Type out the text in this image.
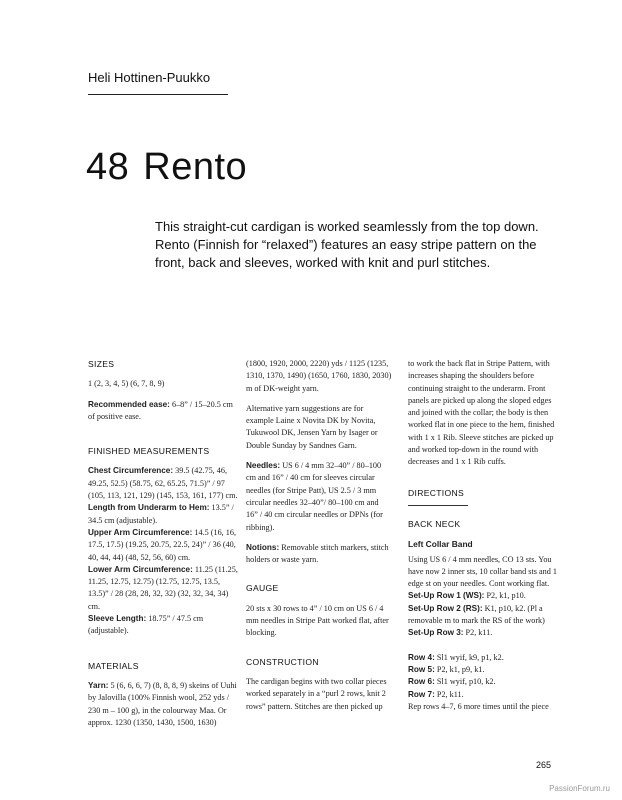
Heli Hottinen-Puukko
48 Rento
This straight-cut cardigan is worked seamlessly from the top down. Rento (Finnish for “relaxed”) features an easy stripe pattern on the front, back and sleeves, worked with knit and purl stitches.
SIZES
1 (2, 3, 4, 5) (6, 7, 8, 9)
Recommended ease: 6–8” / 15–20.5 cm of positive ease.
FINISHED MEASUREMENTS
Chest Circumference: 39.5 (42.75, 46, 49.25, 52.5) (58.75, 62, 65.25, 71.5)” / 97 (105, 113, 121, 129) (145, 153, 161, 177) cm.
Length from Underarm to Hem: 13.5” / 34.5 cm (adjustable).
Upper Arm Circumference: 14.5 (16, 16, 17.5, 17.5) (19.25, 20.75, 22.5, 24)” / 36 (40, 40, 44, 44) (48, 52, 56, 60) cm.
Lower Arm Circumference: 11.25 (11.25, 11.25, 12.75, 12.75) (12.75, 12.75, 13.5, 13.5)” / 28 (28, 28, 32, 32) (32, 32, 34, 34) cm.
Sleeve Length: 18.75” / 47.5 cm (adjustable).
MATERIALS
Yarn: 5 (6, 6, 6, 7) (8, 8, 8, 9) skeins of Uuhi by Jalovilla (100% Finnish wool, 252 yds / 230 m – 100 g), in the colourway Maa. Or approx. 1230 (1350, 1430, 1500, 1630)
(1800, 1920, 2000, 2220) yds / 1125 (1235, 1310, 1370, 1490) (1650, 1760, 1830, 2030) m of DK-weight yarn.
Alternative yarn suggestions are for example Laine x Novita DK by Novita, Tukuwool DK, Jensen Yarn by Isager or Double Sunday by Sandnes Garn.
Needles: US 6 / 4 mm 32–40” / 80–100 cm and 16” / 40 cm for sleeves circular needles (for Stripe Patt), US 2.5 / 3 mm circular needles 32–40”/ 80–100 cm and 16” / 40 cm circular needles or DPNs (for ribbing).
Notions: Removable stitch markers, stitch holders or waste yarn.
GAUGE
20 sts x 30 rows to 4” / 10 cm on US 6 / 4 mm needles in Stripe Patt worked flat, after blocking.
CONSTRUCTION
The cardigan begins with two collar pieces worked separately in a “purl 2 rows, knit 2 rows” pattern. Stitches are then picked up
to work the back flat in Stripe Pattern, with increases shaping the shoulders before continuing straight to the underarm. Front panels are picked up along the sloped edges and joined with the collar; the body is then worked flat in one piece to the hem, finished with 1 x 1 Rib. Sleeve stitches are picked up and worked top-down in the round with decreases and 1 x 1 Rib cuffs.
DIRECTIONS
BACK NECK
Left Collar Band
Using US 6 / 4 mm needles, CO 13 sts. You have now 2 inner sts, 10 collar band sts and 1 edge st on your needles. Cont working flat.
Set-Up Row 1 (WS): P2, k1, p10.
Set-Up Row 2 (RS): K1, p10, k2. (Pl a removable m to mark the RS of the work)
Set-Up Row 3: P2, k11.
Row 4: Sl1 wyif, k9, p1, k2.
Row 5: P2, k1, p9, k1.
Row 6: Sl1 wyif, p10, k2.
Row 7: P2, k11.
Rep rows 4–7, 6 more times until the piece
265
PassionForum.ru
